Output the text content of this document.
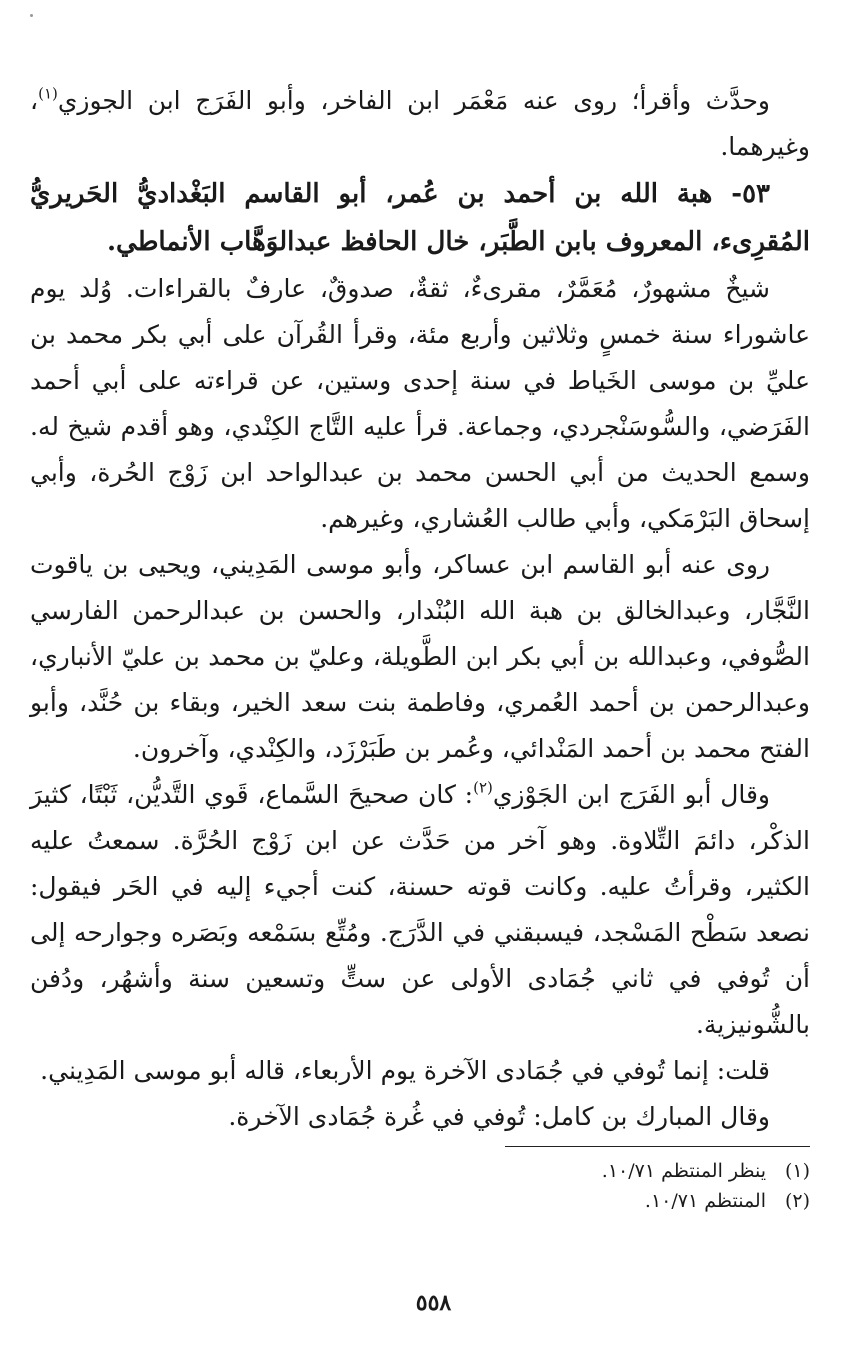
وحدَّث وأقرأ؛ روى عنه مَعْمَر ابن الفاخر، وأبو الفَرَج ابن الجوزي$^{(١)}$، وغيرهما.

٥٣- هبة الله بن أحمد بن عُمر، أبو القاسم البَغْداديُّ الحَريريُّ المُقرِىء، المعروف بابن الطَّبَر، خال الحافظ عبدالوَهَّاب الأنماطي.

شيخٌ مشهورٌ، مُعَمَّرٌ، مقرىءٌ، ثقةٌ، صدوقٌ، عارفٌ بالقراءات. وُلد يوم عاشوراء سنة خمسٍ وثلاثين وأربع مئة، وقرأ القُرآن على أبي بكر محمد بن عليِّ بن موسى الخَياط في سنة إحدى وستين، عن قراءته على أبي أحمد الفَرَضي، والسُّوسَنْجردي، وجماعة. قرأ عليه التَّاج الكِنْدي، وهو أقدم شيخ له. وسمع الحديث من أبي الحسن محمد بن عبدالواحد ابن زَوْج الحُرة، وأبي إسحاق البَرْمَكي، وأبي طالب العُشاري، وغيرهم.

روى عنه أبو القاسم ابن عساكر، وأبو موسى المَدِيني، ويحيى بن ياقوت النَّجَّار، وعبدالخالق بن هبة الله البُنْدار، والحسن بن عبدالرحمن الفارسي الصُّوفي، وعبدالله بن أبي بكر ابن الطَّويلة، وعليّ بن محمد بن عليّ الأنباري، وعبدالرحمن بن أحمد العُمري، وفاطمة بنت سعد الخير، وبقاء بن حُنَّد، وأبو الفتح محمد بن أحمد المَنْدائي، وعُمر بن طَبَرْزَد، والكِنْدي، وآخرون.

وقال أبو الفَرَج ابن الجَوْزي$^{(٢)}$: كان صحيحَ السَّماع، قَوي التَّديُّن، ثَبْتًا، كثيرَ الذكْر، دائمَ التِّلاوة. وهو آخر من حَدَّث عن ابن زَوْج الحُرَّة. سمعتُ عليه الكثير، وقرأتُ عليه. وكانت قوته حسنة، كنت أجيء إليه في الحَر فيقول: نصعد سَطْح المَسْجد، فيسبقني في الدَّرَج. ومُتِّع بسَمْعه وبَصَره وجوارحه إلى أن تُوفي في ثاني جُمَادى الأولى عن ستٍّ وتسعين سنة وأشهُر، ودُفن بالشُّونيزية.

قلت: إنما تُوفي في جُمَادى الآخرة يوم الأربعاء، قاله أبو موسى المَدِيني.

وقال المبارك بن كامل: تُوفي في غُرة جُمَادى الآخرة.

(١)ينظر المنتظم ١٠/٧١.

(٢)المنتظم ١٠/٧١.

٥٥٨
